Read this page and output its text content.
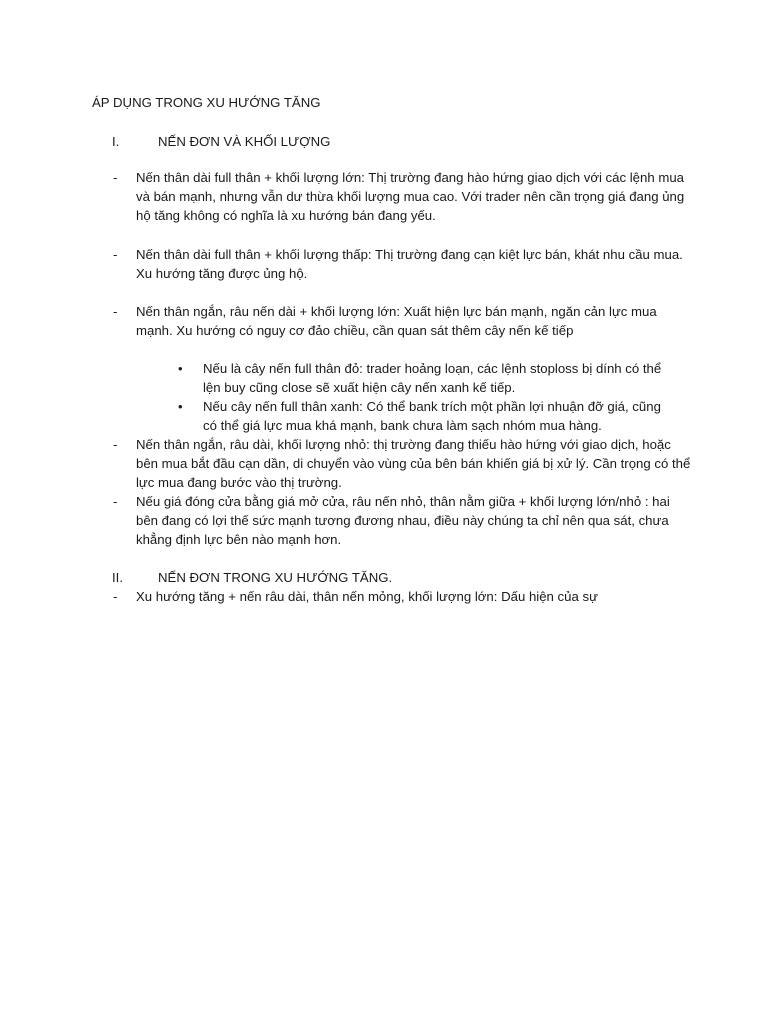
ÁP DỤNG TRONG XU HƯỚNG TĂNG
I.	NẾN ĐƠN VÀ KHỐI LƯỢNG
- Nến thân dài full thân + khối lượng lớn: Thị trường đang hào hứng giao dịch với các lệnh mua và bán mạnh, nhưng vẫn dư thừa khối lượng mua cao. Với trader nên cần trọng giá đang ủng hộ tăng không có nghĩa là xu hướng bán đang yếu.
- Nến thân dài full thân + khối lượng thấp: Thị trường đang cạn kiệt lực bán, khát nhu cầu mua. Xu hướng tăng được ủng hộ.
- Nến thân ngắn, râu nến dài + khối lượng lớn: Xuất hiện lực bán mạnh, ngăn cản lực mua mạnh. Xu hướng có nguy cơ đảo chiều, cần quan sát thêm cây nến kế tiếp
• Nếu là cây nến full thân đỏ: trader hoảng loạn, các lệnh stoploss bị dính có thể lện buy cũng close sẽ xuất hiện cây nến xanh kế tiếp.
• Nếu cây nến full thân xanh: Có thể bank trích một phần lợi nhuận đỡ giá, cũng có thể giá lực mua khá mạnh, bank chưa làm sạch nhóm mua hàng.
- Nến thân ngắn, râu dài, khối lượng nhỏ: thị trường đang thiếu hào hứng với giao dịch, hoặc bên mua bắt đầu cạn dần, di chuyển vào vùng của bên bán khiến giá bị xử lý. Cần trọng có thể lực mua đang bước vào thị trường.
- Nếu giá đóng cửa bằng giá mở cửa, râu nến nhỏ, thân nằm giữa + khối lượng lớn/nhỏ : hai bên đang có lợi thế sức mạnh tương đương nhau, điều này chúng ta chỉ nên qua sát, chưa khẳng định lực bên nào mạnh hơn.
II.	NẾN ĐƠN TRONG XU HƯỚNG TĂNG.
- Xu hướng tăng + nến râu dài, thân nến mỏng, khối lượng lớn: Dấu hiện của sự
